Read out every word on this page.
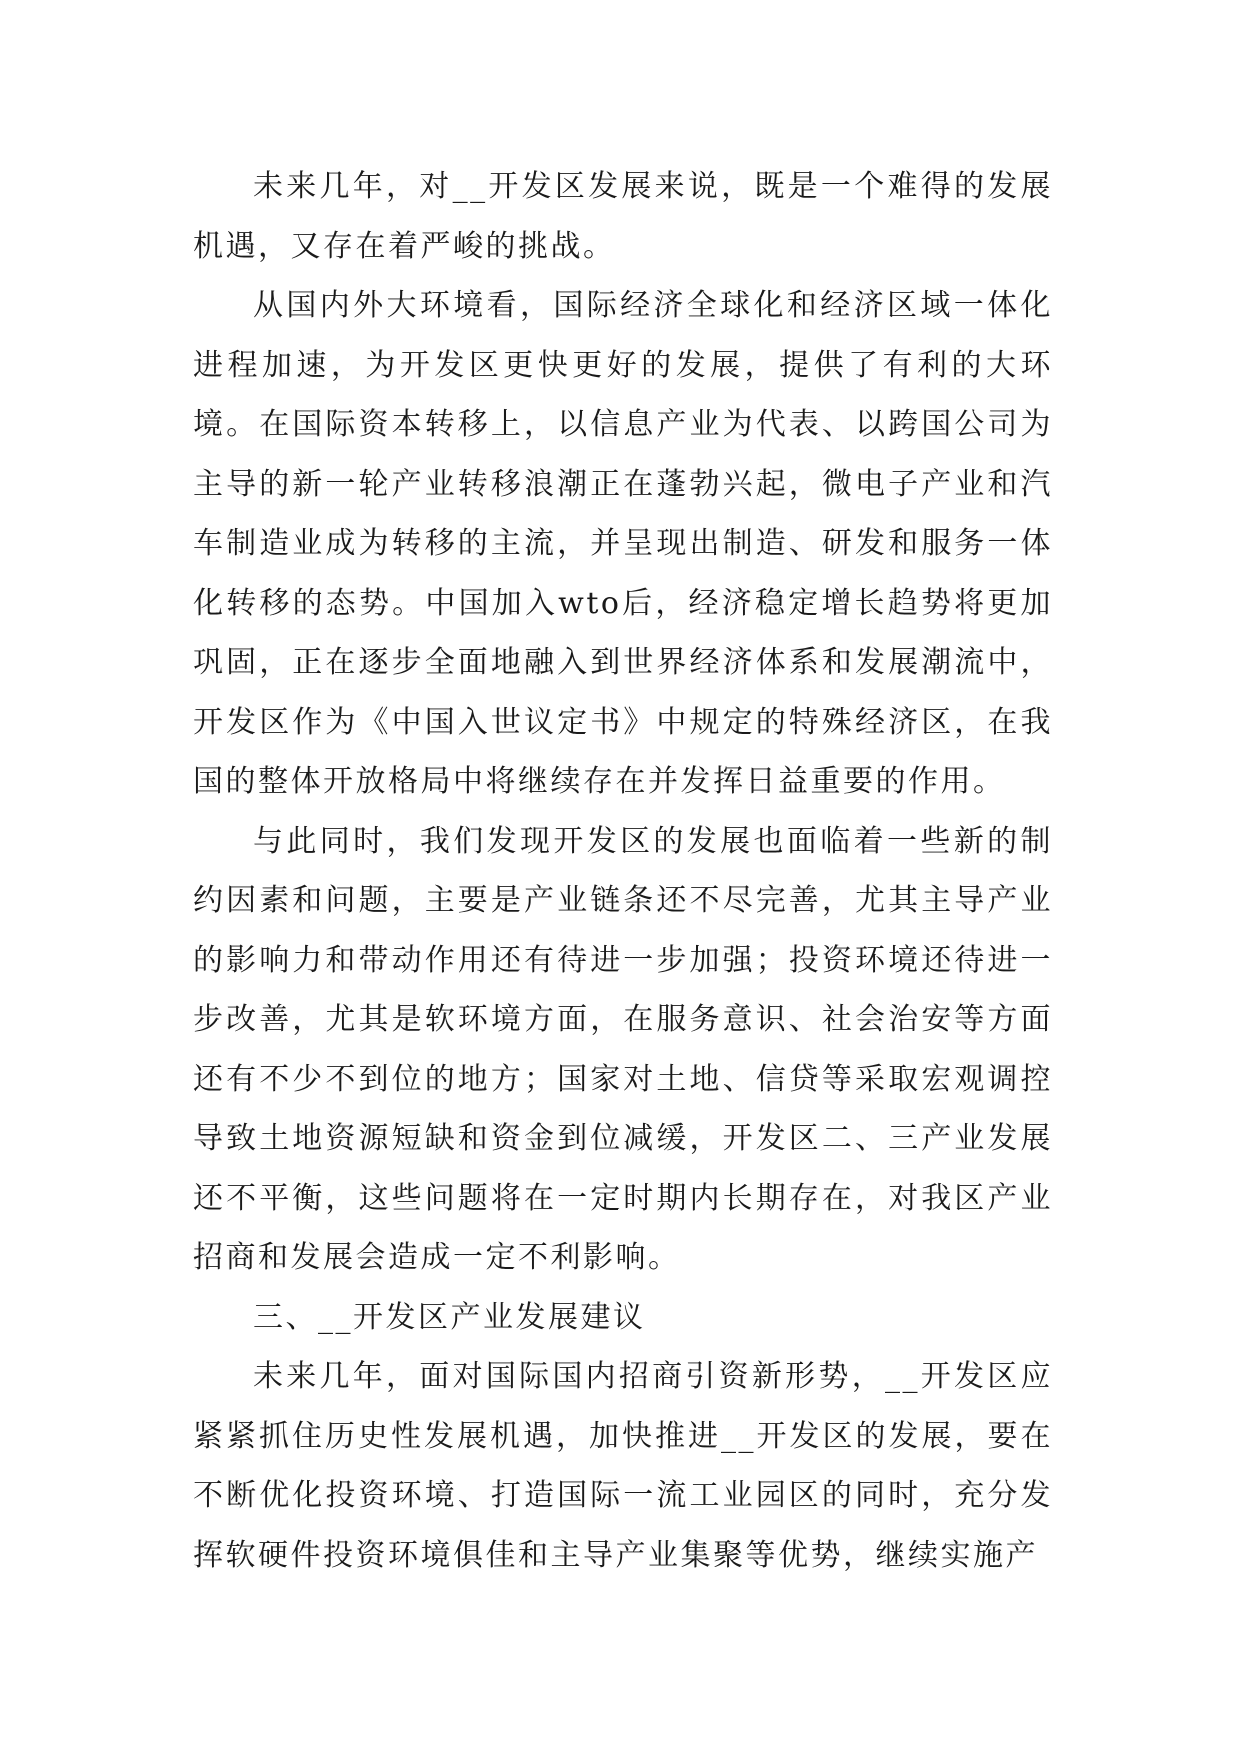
未来几年，对__开发区发展来说，既是一个难得的发展机遇，又存在着严峻的挑战。

从国内外大环境看，国际经济全球化和经济区域一体化进程加速，为开发区更快更好的发展，提供了有利的大环境。在国际资本转移上，以信息产业为代表、以跨国公司为主导的新一轮产业转移浪潮正在蓬勃兴起，微电子产业和汽车制造业成为转移的主流，并呈现出制造、研发和服务一体化转移的态势。中国加入wto后，经济稳定增长趋势将更加巩固，正在逐步全面地融入到世界经济体系和发展潮流中，开发区作为《中国入世议定书》中规定的特殊经济区，在我国的整体开放格局中将继续存在并发挥日益重要的作用。

与此同时，我们发现开发区的发展也面临着一些新的制约因素和问题，主要是产业链条还不尽完善，尤其主导产业的影响力和带动作用还有待进一步加强；投资环境还待进一步改善，尤其是软环境方面，在服务意识、社会治安等方面还有不少不到位的地方；国家对土地、信贷等采取宏观调控导致土地资源短缺和资金到位减缓，开发区二、三产业发展还不平衡，这些问题将在一定时期内长期存在，对我区产业招商和发展会造成一定不利影响。

三、__开发区产业发展建议

未来几年，面对国际国内招商引资新形势，__开发区应紧紧抓住历史性发展机遇，加快推进__开发区的发展，要在不断优化投资环境、打造国际一流工业园区的同时，充分发挥软硬件投资环境俱佳和主导产业集聚等优势，继续实施产
